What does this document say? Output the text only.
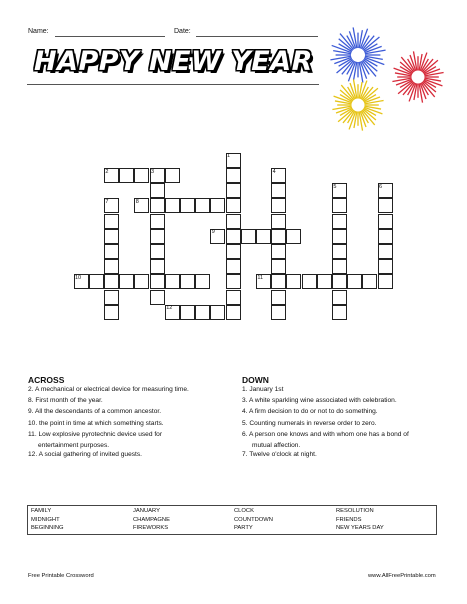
Name:	Date:
HAPPY NEW YEAR
1
2	3	4
5	6
7	8
9
10	11
12
ACROSS
2. A mechanical or electrical device for measuring time.
8. First month of the year.
9. All the descendants of a common ancestor.
10. the point in time at which something starts.
11. Low explosive pyrotechnic device used for
entertainment purposes.
12. A social gathering of invited guests.
DOWN
1. January 1st
3. A white sparkling wine associated with celebration.
4. A firm decision to do or not to do something.
5. Counting numerals in reverse order to zero.
6. A person one knows and with whom one has a bond of
mutual affection.
7. Twelve o'clock at night.
FAMILY	JANUARY	CLOCK	RESOLUTION
MIDNIGHT	CHAMPAGNE	COUNTDOWN	FRIENDS
BEGINNING	FIREWORKS	PARTY	NEW YEARS DAY
Free Printable Crossword	www.AllFreePrintable.com
